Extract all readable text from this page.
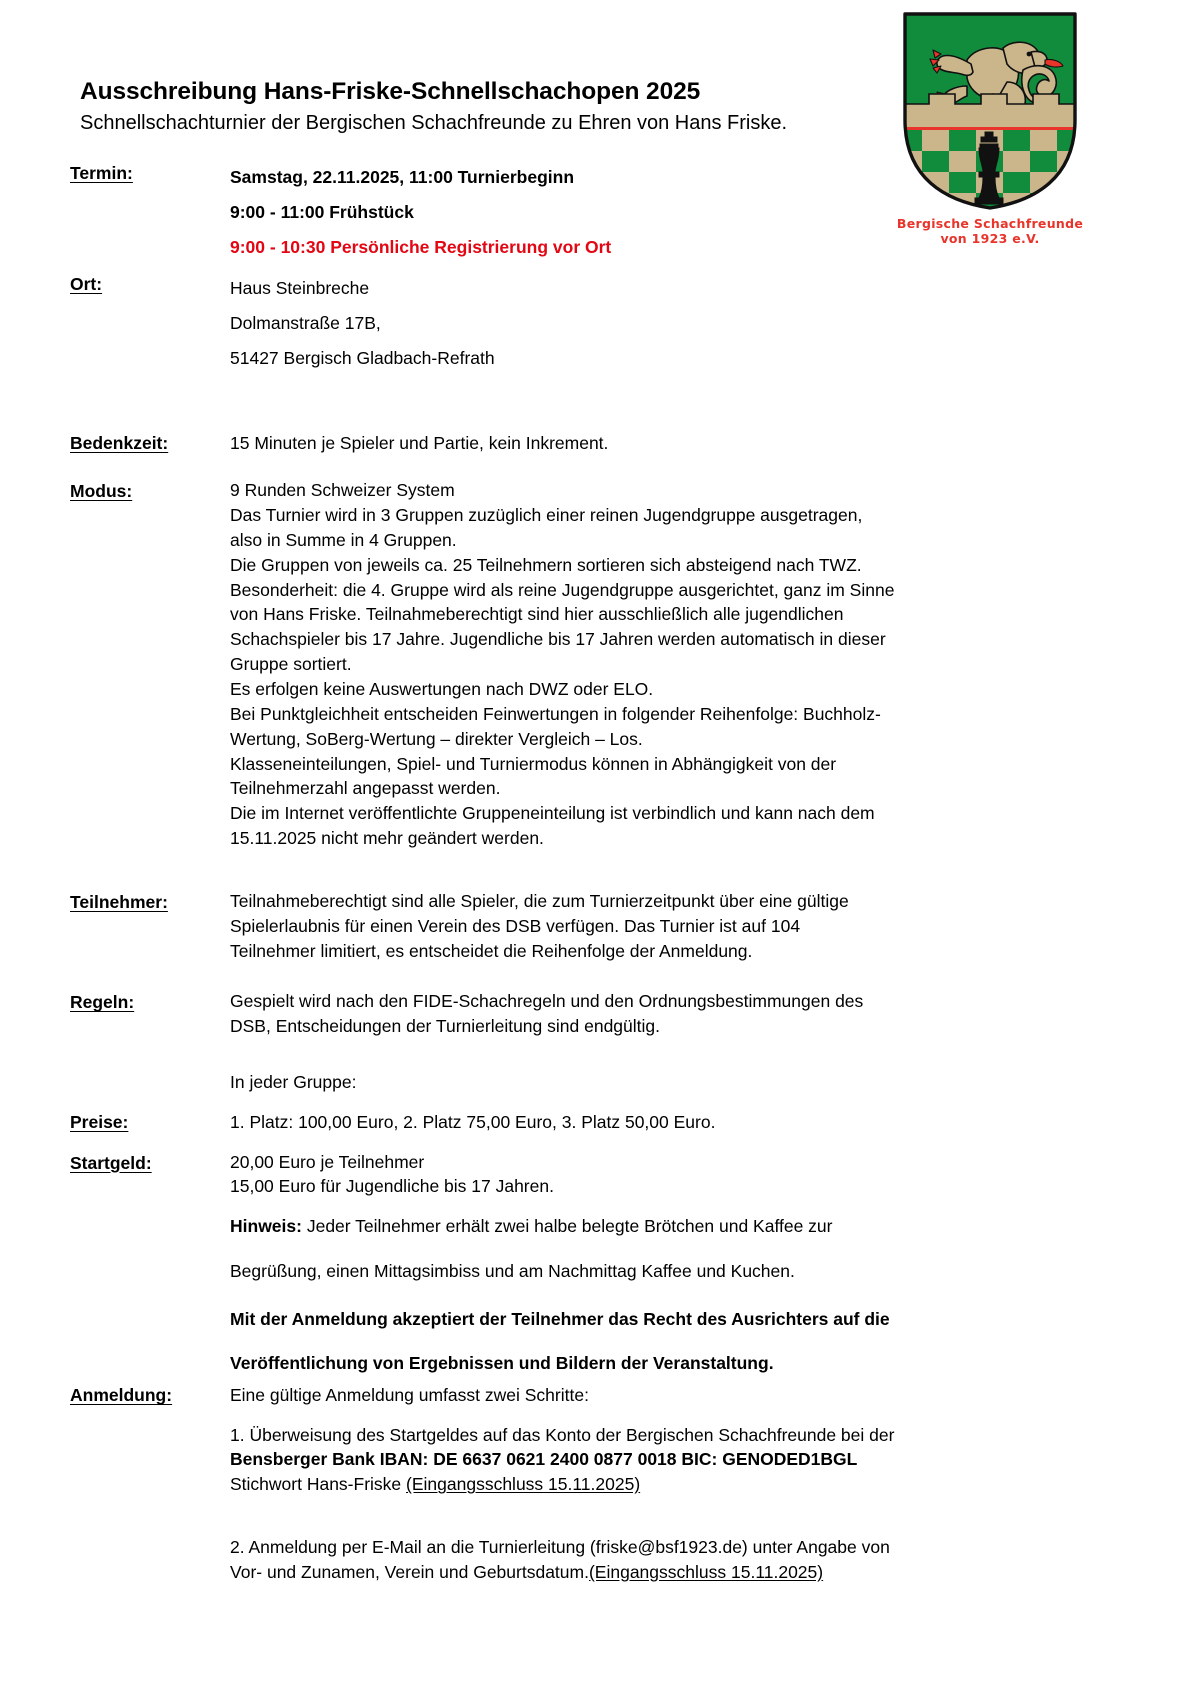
Bergische Schachfreunde
von 1923 e.V.
Ausschreibung Hans-Friske-Schnellschachopen 2025

Schnellschachturnier der Bergischen Schachfreunde zu Ehren von Hans Friske.

Termin:	Samstag, 22.11.2025, 11:00 Turnierbeginn

9:00 - 11:00 Frühstück

9:00 - 10:30 Persönliche Registrierung vor Ort

Ort:	Haus Steinbreche

Dolmanstraße 17B,

51427 Bergisch Gladbach-Refrath

Bedenkzeit:	15 Minuten je Spieler und Partie, kein Inkrement.

Modus:	9 Runden Schweizer System

Das Turnier wird in 3 Gruppen zuzüglich einer reinen Jugendgruppe ausgetragen,

also in Summe in 4 Gruppen.

Die Gruppen von jeweils ca. 25 Teilnehmern sortieren sich absteigend nach TWZ.

Besonderheit: die 4. Gruppe wird als reine Jugendgruppe ausgerichtet, ganz im Sinne

von Hans Friske. Teilnahmeberechtigt sind hier ausschließlich alle jugendlichen

Schachspieler bis 17 Jahre. Jugendliche bis 17 Jahren werden automatisch in dieser

Gruppe sortiert.

Es erfolgen keine Auswertungen nach DWZ oder ELO.

Bei Punktgleichheit entscheiden Feinwertungen in folgender Reihenfolge: Buchholz-

Wertung, SoBerg-Wertung – direkter Vergleich – Los.

Klasseneinteilungen, Spiel- und Turniermodus können in Abhängigkeit von der

Teilnehmerzahl angepasst werden.

Die im Internet veröffentlichte Gruppeneinteilung ist verbindlich und kann nach dem

15.11.2025 nicht mehr geändert werden.

Teilnehmer:	Teilnahmeberechtigt sind alle Spieler, die zum Turnierzeitpunkt über eine gültige

Spielerlaubnis für einen Verein des DSB verfügen. Das Turnier ist auf 104

Teilnehmer limitiert, es entscheidet die Reihenfolge der Anmeldung.

Regeln:	Gespielt wird nach den FIDE-Schachregeln und den Ordnungsbestimmungen des

DSB, Entscheidungen der Turnierleitung sind endgültig.

In jeder Gruppe:

Preise:	1. Platz: 100,00 Euro, 2. Platz 75,00 Euro, 3. Platz 50,00 Euro.

Startgeld:	20,00 Euro je Teilnehmer

15,00 Euro für Jugendliche bis 17 Jahren.

Hinweis: Jeder Teilnehmer erhält zwei halbe belegte Brötchen und Kaffee zur

Begrüßung, einen Mittagsimbiss und am Nachmittag Kaffee und Kuchen.

Mit der Anmeldung akzeptiert der Teilnehmer das Recht des Ausrichters auf die

Veröffentlichung von Ergebnissen und Bildern der Veranstaltung.

Anmeldung:	Eine gültige Anmeldung umfasst zwei Schritte:

1. Überweisung des Startgeldes auf das Konto der Bergischen Schachfreunde bei der

Bensberger Bank IBAN: DE 6637 0621 2400 0877 0018 BIC: GENODED1BGL

Stichwort Hans-Friske (Eingangsschluss 15.11.2025)

2. Anmeldung per E-Mail an die Turnierleitung (friske@bsf1923.de) unter Angabe von

Vor- und Zunamen, Verein und Geburtsdatum.(Eingangsschluss 15.11.2025)
